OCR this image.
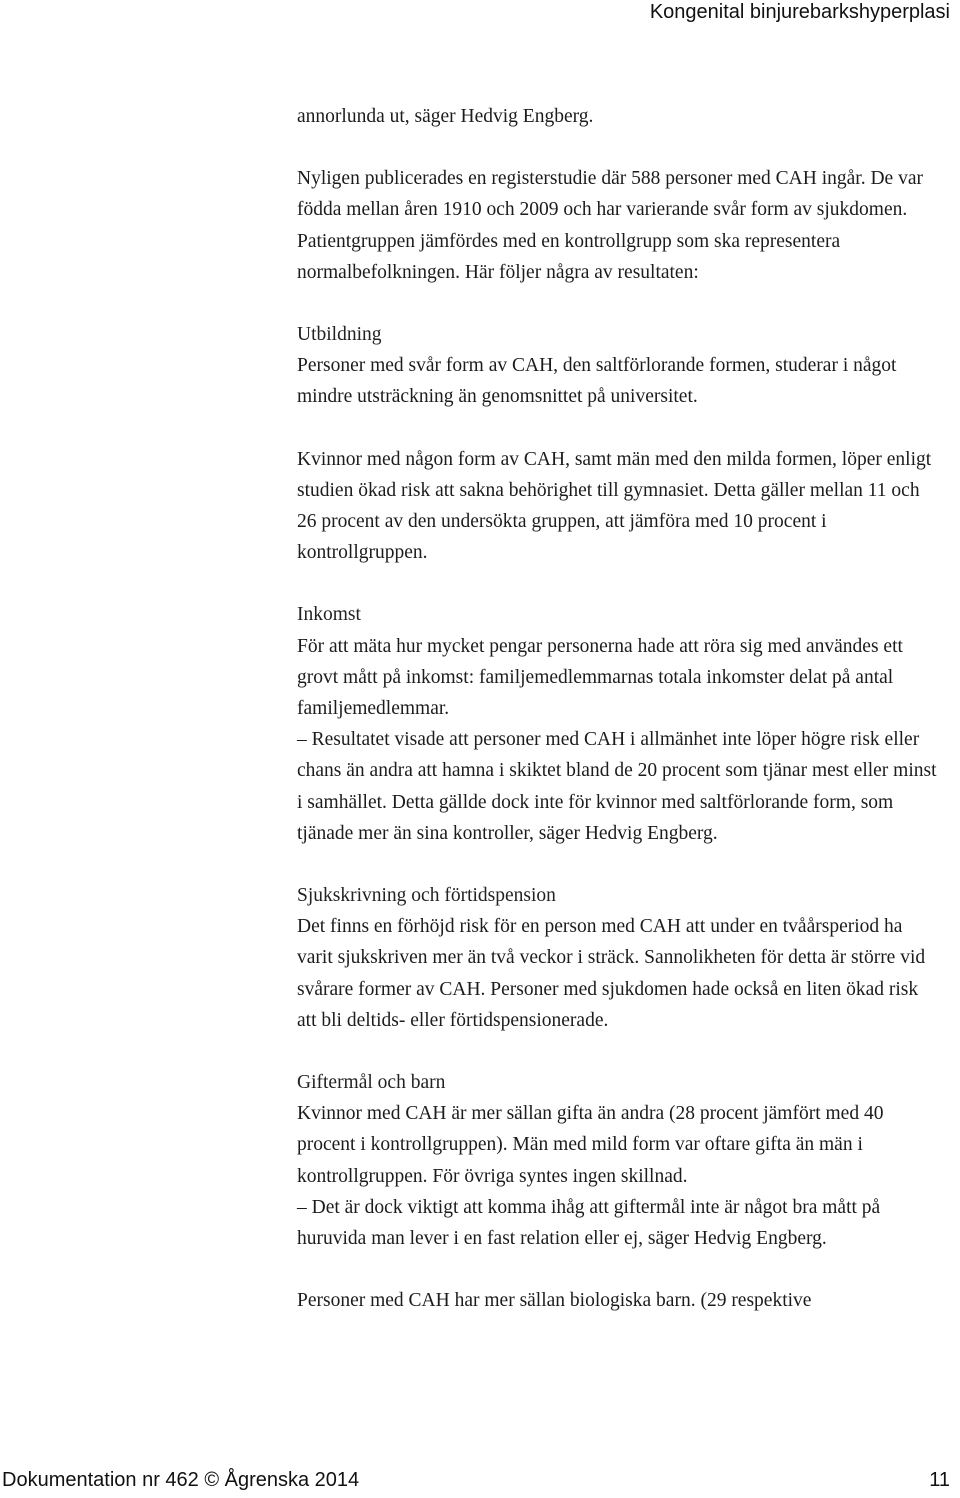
Kongenital binjurebarkshyperplasi

annorlunda ut, säger Hedvig Engberg.

Nyligen publicerades en registerstudie där 588 personer med CAH ingår. De var födda mellan åren 1910 och 2009 och har varierande svår form av sjukdomen. Patientgruppen jämfördes med en kontrollgrupp som ska representera normalbefolkningen. Här följer några av resultaten:

Utbildning

Personer med svår form av CAH, den saltförlorande formen, studerar i något mindre utsträckning än genomsnittet på universitet.

Kvinnor med någon form av CAH, samt män med den milda formen, löper enligt studien ökad risk att sakna behörighet till gymnasiet. Detta gäller mellan 11 och 26 procent av den undersökta gruppen, att jämföra med 10 procent i kontrollgruppen.

Inkomst

För att mäta hur mycket pengar personerna hade att röra sig med användes ett grovt mått på inkomst: familjemedlemmarnas totala inkomster delat på antal familjemedlemmar.

– Resultatet visade att personer med CAH i allmänhet inte löper högre risk eller chans än andra att hamna i skiktet bland de 20 procent som tjänar mest eller minst i samhället. Detta gällde dock inte för kvinnor med saltförlorande form, som tjänade mer än sina kontroller, säger Hedvig Engberg.

Sjukskrivning och förtidspension

Det finns en förhöjd risk för en person med CAH att under en tvåårsperiod ha varit sjukskriven mer än två veckor i sträck. Sannolikheten för detta är större vid svårare former av CAH. Personer med sjukdomen hade också en liten ökad risk att bli deltids- eller förtidspensionerade.

Giftermål och barn

Kvinnor med CAH är mer sällan gifta än andra (28 procent jämfört med 40 procent i kontrollgruppen). Män med mild form var oftare gifta än män i kontrollgruppen. För övriga syntes ingen skillnad.

– Det är dock viktigt att komma ihåg att giftermål inte är något bra mått på huruvida man lever i en fast relation eller ej, säger Hedvig Engberg.

Personer med CAH har mer sällan biologiska barn. (29 respektive

Dokumentation nr 462 © Ågrenska 2014	11
